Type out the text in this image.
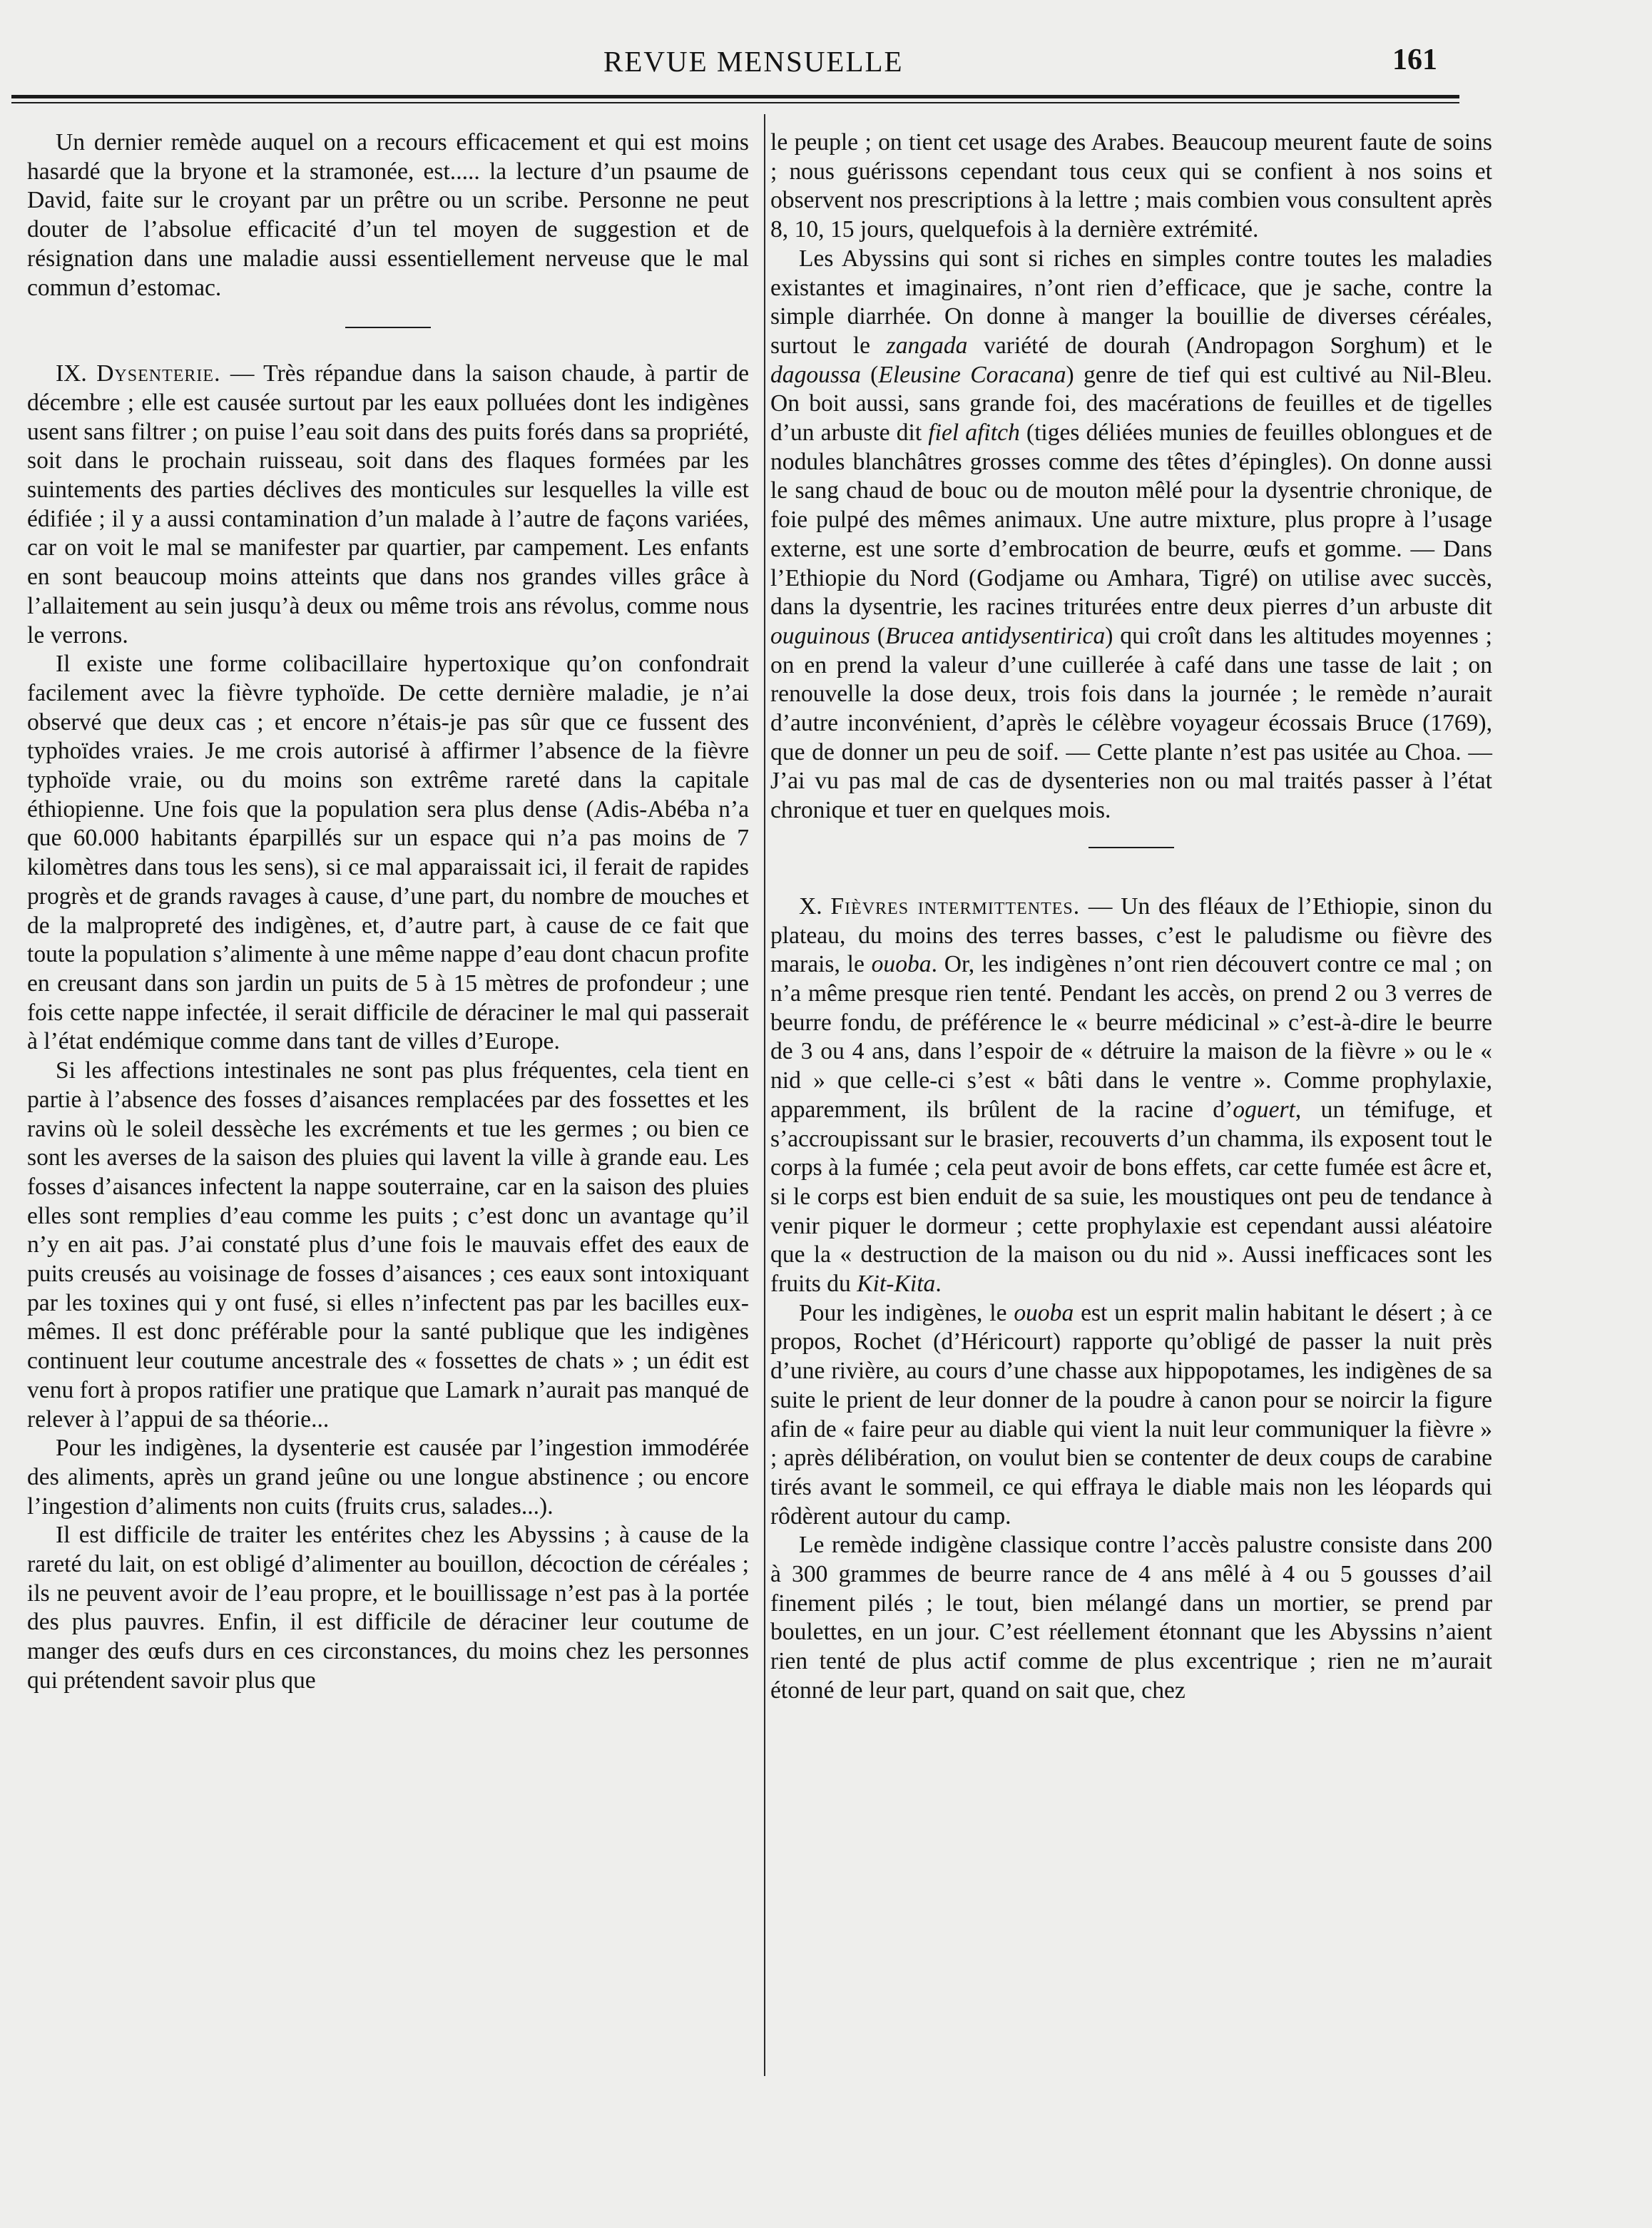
REVUE MENSUELLE	161

Un dernier remède auquel on a recours efficacement et qui est moins hasardé que la bryone et la stramonée, est..... la lecture d’un psaume de David, faite sur le croyant par un prêtre ou un scribe. Personne ne peut douter de l’absolue efficacité d’un tel moyen de suggestion et de résignation dans une maladie aussi essentiellement nerveuse que le mal commun d’estomac.

IX. Dysenterie. — Très répandue dans la saison chaude, à partir de décembre ; elle est causée surtout par les eaux polluées dont les indigènes usent sans filtrer ; on puise l’eau soit dans des puits forés dans sa propriété, soit dans le prochain ruisseau, soit dans des flaques formées par les suintements des parties déclives des monticules sur lesquelles la ville est édifiée ; il y a aussi contamination d’un malade à l’autre de façons variées, car on voit le mal se manifester par quartier, par campement. Les enfants en sont beaucoup moins atteints que dans nos grandes villes grâce à l’allaitement au sein jusqu’à deux ou même trois ans révolus, comme nous le verrons.

Il existe une forme colibacillaire hypertoxique qu’on confondrait facilement avec la fièvre typhoïde. De cette dernière maladie, je n’ai observé que deux cas ; et encore n’étais-je pas sûr que ce fussent des typhoïdes vraies. Je me crois autorisé à affirmer l’absence de la fièvre typhoïde vraie, ou du moins son extrême rareté dans la capitale éthiopienne. Une fois que la population sera plus dense (Adis-Abéba n’a que 60.000 habitants éparpillés sur un espace qui n’a pas moins de 7 kilomètres dans tous les sens), si ce mal apparaissait ici, il ferait de rapides progrès et de grands ravages à cause, d’une part, du nombre de mouches et de la malpropreté des indigènes, et, d’autre part, à cause de ce fait que toute la population s’alimente à une même nappe d’eau dont chacun profite en creusant dans son jardin un puits de 5 à 15 mètres de profondeur ; une fois cette nappe infectée, il serait difficile de déraciner le mal qui passerait à l’état endémique comme dans tant de villes d’Europe.

Si les affections intestinales ne sont pas plus fréquentes, cela tient en partie à l’absence des fosses d’aisances remplacées par des fossettes et les ravins où le soleil dessèche les excréments et tue les germes ; ou bien ce sont les averses de la saison des pluies qui lavent la ville à grande eau. Les fosses d’aisances infectent la nappe souterraine, car en la saison des pluies elles sont remplies d’eau comme les puits ; c’est donc un avantage qu’il n’y en ait pas. J’ai constaté plus d’une fois le mauvais effet des eaux de puits creusés au voisinage de fosses d’aisances ; ces eaux sont intoxiquant par les toxines qui y ont fusé, si elles n’infectent pas par les bacilles eux-mêmes. Il est donc préférable pour la santé publique que les indigènes continuent leur coutume ancestrale des « fossettes de chats » ; un édit est venu fort à propos ratifier une pratique que Lamark n’aurait pas manqué de relever à l’appui de sa théorie...

Pour les indigènes, la dysenterie est causée par l’ingestion immodérée des aliments, après un grand jeûne ou une longue abstinence ; ou encore l’ingestion d’aliments non cuits (fruits crus, salades...).

Il est difficile de traiter les entérites chez les Abyssins ; à cause de la rareté du lait, on est obligé d’alimenter au bouillon, décoction de céréales ; ils ne peuvent avoir de l’eau propre, et le bouillissage n’est pas à la portée des plus pauvres. Enfin, il est difficile de déraciner leur coutume de manger des œufs durs en ces circonstances, du moins chez les personnes qui prétendent savoir plus que

le peuple ; on tient cet usage des Arabes. Beaucoup meurent faute de soins ; nous guérissons cependant tous ceux qui se confient à nos soins et observent nos prescriptions à la lettre ; mais combien vous consultent après 8, 10, 15 jours, quelquefois à la dernière extrémité.

Les Abyssins qui sont si riches en simples contre toutes les maladies existantes et imaginaires, n’ont rien d’efficace, que je sache, contre la simple diarrhée. On donne à manger la bouillie de diverses céréales, surtout le zangada variété de dourah (Andropagon Sorghum) et le dagoussa (Eleusine Coracana) genre de tief qui est cultivé au Nil-Bleu. On boit aussi, sans grande foi, des macérations de feuilles et de tigelles d’un arbuste dit fiel afitch (tiges déliées munies de feuilles oblongues et de nodules blanchâtres grosses comme des têtes d’épingles). On donne aussi le sang chaud de bouc ou de mouton mêlé pour la dysentrie chronique, de foie pulpé des mêmes animaux. Une autre mixture, plus propre à l’usage externe, est une sorte d’embrocation de beurre, œufs et gomme. — Dans l’Ethiopie du Nord (Godjame ou Amhara, Tigré) on utilise avec succès, dans la dysentrie, les racines triturées entre deux pierres d’un arbuste dit ouguinous (Brucea antidysentirica) qui croît dans les altitudes moyennes ; on en prend la valeur d’une cuillerée à café dans une tasse de lait ; on renouvelle la dose deux, trois fois dans la journée ; le remède n’aurait d’autre inconvénient, d’après le célèbre voyageur écossais Bruce (1769), que de donner un peu de soif. — Cette plante n’est pas usitée au Choa. — J’ai vu pas mal de cas de dysenteries non ou mal traités passer à l’état chronique et tuer en quelques mois.

X. Fièvres intermittentes. — Un des fléaux de l’Ethiopie, sinon du plateau, du moins des terres basses, c’est le paludisme ou fièvre des marais, le ouoba. Or, les indigènes n’ont rien découvert contre ce mal ; on n’a même presque rien tenté. Pendant les accès, on prend 2 ou 3 verres de beurre fondu, de préférence le « beurre médicinal » c’est-à-dire le beurre de 3 ou 4 ans, dans l’espoir de « détruire la maison de la fièvre » ou le « nid » que celle-ci s’est « bâti dans le ventre ». Comme prophylaxie, apparemment, ils brûlent de la racine d’oguert, un témifuge, et s’accroupissant sur le brasier, recouverts d’un chamma, ils exposent tout le corps à la fumée ; cela peut avoir de bons effets, car cette fumée est âcre et, si le corps est bien enduit de sa suie, les moustiques ont peu de tendance à venir piquer le dormeur ; cette prophylaxie est cependant aussi aléatoire que la « destruction de la maison ou du nid ». Aussi inefficaces sont les fruits du Kit-Kita.

Pour les indigènes, le ouoba est un esprit malin habitant le désert ; à ce propos, Rochet (d’Héricourt) rapporte qu’obligé de passer la nuit près d’une rivière, au cours d’une chasse aux hippopotames, les indigènes de sa suite le prient de leur donner de la poudre à canon pour se noircir la figure afin de « faire peur au diable qui vient la nuit leur communiquer la fièvre » ; après délibération, on voulut bien se contenter de deux coups de carabine tirés avant le sommeil, ce qui effraya le diable mais non les léopards qui rôdèrent autour du camp.

Le remède indigène classique contre l’accès palustre consiste dans 200 à 300 grammes de beurre rance de 4 ans mêlé à 4 ou 5 gousses d’ail finement pilés ; le tout, bien mélangé dans un mortier, se prend par boulettes, en un jour. C’est réellement étonnant que les Abyssins n’aient rien tenté de plus actif comme de plus excentrique ; rien ne m’aurait étonné de leur part, quand on sait que, chez
